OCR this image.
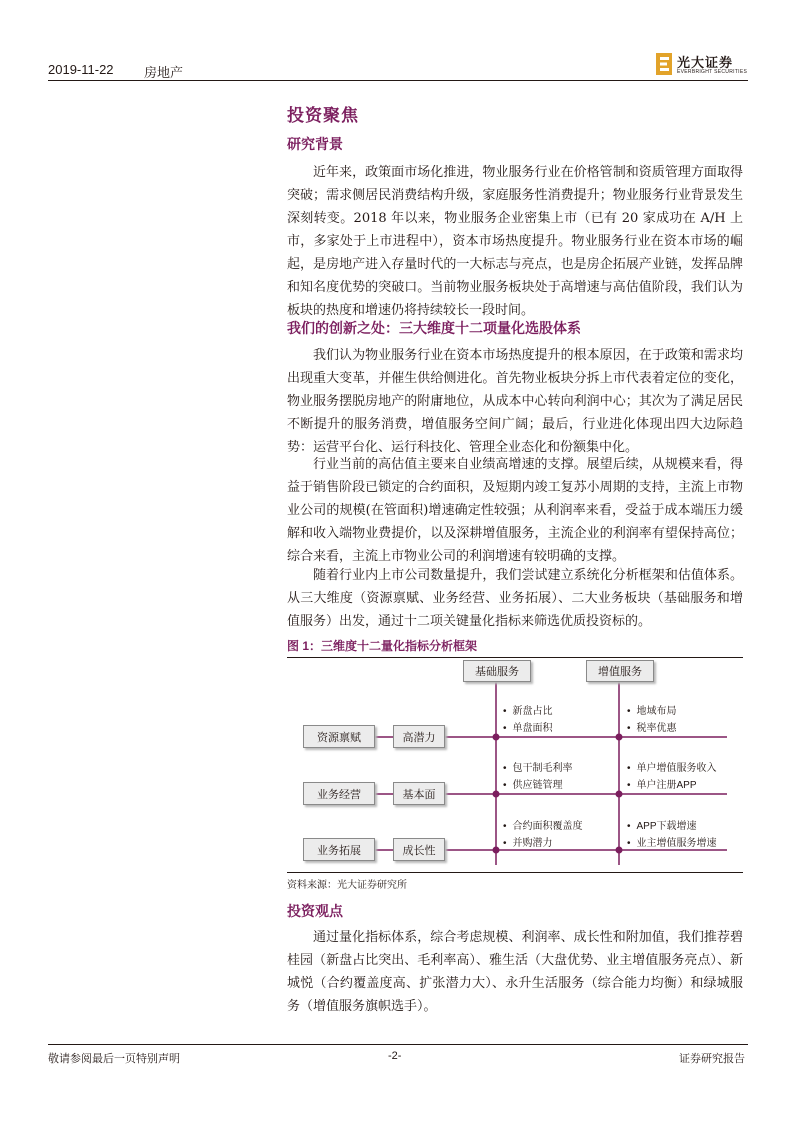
2019-11-22 房地产
光大证券
EVERBRIGHT SECURITIES
投资聚焦
研究背景
近年来，政策面市场化推进，物业服务行业在价格管制和资质管理方面取得突破；需求侧居民消费结构升级，家庭服务性消费提升；物业服务行业背景发生深刻转变。2018 年以来，物业服务企业密集上市（已有 20 家成功在 A/H 上市，多家处于上市进程中），资本市场热度提升。物业服务行业在资本市场的崛起，是房地产进入存量时代的一大标志与亮点，也是房企拓展产业链，发挥品牌和知名度优势的突破口。当前物业服务板块处于高增速与高估值阶段，我们认为板块的热度和增速仍将持续较长一段时间。
我们的创新之处：三大维度十二项量化选股体系
我们认为物业服务行业在资本市场热度提升的根本原因，在于政策和需求均出现重大变革，并催生供给侧进化。首先物业板块分拆上市代表着定位的变化，物业服务摆脱房地产的附庸地位，从成本中心转向利润中心；其次为了满足居民不断提升的服务消费，增值服务空间广阔；最后，行业进化体现出四大边际趋势：运营平台化、运行科技化、管理全业态化和份额集中化。
行业当前的高估值主要来自业绩高增速的支撑。展望后续，从规模来看，得益于销售阶段已锁定的合约面积，及短期内竣工复苏小周期的支持，主流上市物业公司的规模(在管面积)增速确定性较强；从利润率来看，受益于成本端压力缓解和收入端物业费提价，以及深耕增值服务，主流企业的利润率有望保持高位；综合来看，主流上市物业公司的利润增速有较明确的支撑。
随着行业内上市公司数量提升，我们尝试建立系统化分析框架和估值体系。从三大维度（资源禀赋、业务经营、业务拓展）、二大业务板块（基础服务和增值服务）出发，通过十二项关键量化指标来筛选优质投资标的。
图 1：三维度十二量化指标分析框架
基础服务	增值服务
资源禀赋	高潜力
• 新盘占比
• 单盘面积
• 地域布局
• 税率优惠
业务经营	基本面
• 包干制毛利率
• 供应链管理
• 单户增值服务收入
• 单户注册APP
业务拓展	成长性
• 合约面积覆盖度
• 并购潜力
• APP下载增速
• 业主增值服务增速
资料来源：光大证券研究所
投资观点
通过量化指标体系，综合考虑规模、利润率、成长性和附加值，我们推荐碧桂园（新盘占比突出、毛利率高）、雅生活（大盘优势、业主增值服务亮点）、新城悦（合约覆盖度高、扩张潜力大）、永升生活服务（综合能力均衡）和绿城服务（增值服务旗帜选手）。
敬请参阅最后一页特别声明	-2-	证券研究报告
